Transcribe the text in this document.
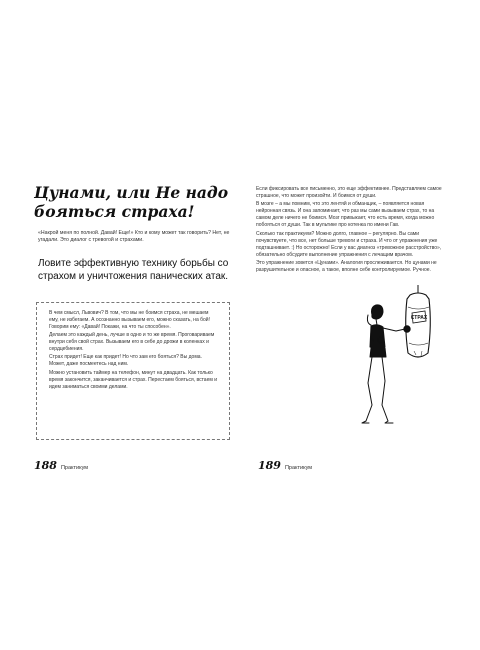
Цунами, или Не надо бояться страха!

«Накрой меня по полной. Давай! Еще!» Кто и кому может так говорить? Нет, не угадали. Это диалог с тревогой и страхами.

Ловите эффективную технику борьбы со страхом и уничтожения панических атак.

В чем смысл, Львович? В том, что мы не боимся страха, не мешаем ему, не избегаем. А осознанно вызываем его, можно сказать, на бой! Говорим ему: «Давай! Покажи, на что ты способен».

Делаем это каждый день, лучше в одно и то же время. Проговариваем внутри себя свой страх. Вызываем его в себе до дрожи в коленках и сердцебиения.

Страх придет! Еще как придет! Но что зам его бояться? Вы дома. Может, даже посмеетесь над ним.

Можно установить таймер на телефон, минут на двадцать. Как только время закончится, заканчивается и страх. Перестаем бояться, встаем и идем заниматься своими делами.

188 Практикум

Если фиксировать все письменно, это еще эффективнее. Представляем самое страшное, что может произойти. И боимся от души.

В мозге – а мы помним, что это лентяй и обманщик, – появляется новая нейронная связь. И она запоминает, что раз мы сами вызываем страх, то на самом деле ничего не боимся. Мозг привыкает, что есть время, когда можно побояться от души. Так в мультике про котенка по имени Гав.

Сколько так практикуем? Можно долго, главное – регулярно. Вы сами почувствуете, что все, нет больше тревоги и страха. И что от упражнения уже подташнивает. :) Но осторожно! Если у вас диагноз «тревожное расстройство», обязательно обсудите выполнение упражнения с лечащим врачом.

Это упражнение зовется «Цунами». Аналогия прослеживается. Но цунами не разрушительное и опасное, а такое, вполне себе контролируемое. Ручное.

СТРАХ
189 Практикум
